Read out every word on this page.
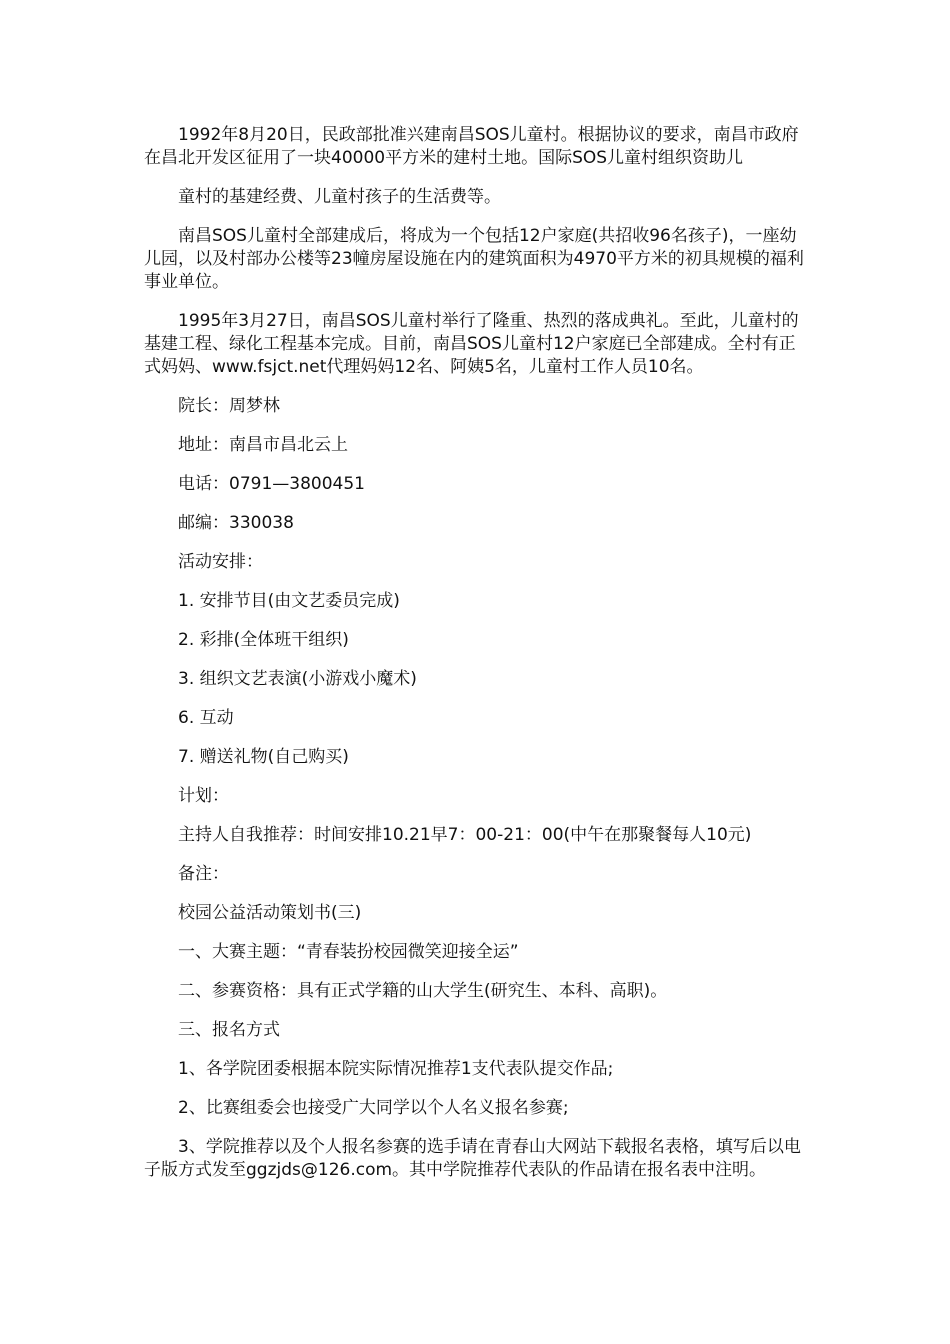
1992年8月20日，民政部批准兴建南昌SOS儿童村。根据协议的要求，南昌市政府在昌北开发区征用了一块40000平方米的建村土地。国际SOS儿童村组织资助儿

童村的基建经费、儿童村孩子的生活费等。

南昌SOS儿童村全部建成后，将成为一个包括12户家庭(共招收96名孩子)，一座幼儿园，以及村部办公楼等23幢房屋设施在内的建筑面积为4970平方米的初具规模的福利事业单位。

1995年3月27日，南昌SOS儿童村举行了隆重、热烈的落成典礼。至此，儿童村的基建工程、绿化工程基本完成。目前，南昌SOS儿童村12户家庭已全部建成。全村有正式妈妈、www.fsjct.net代理妈妈12名、阿姨5名，儿童村工作人员10名。

院长：周梦林

地址：南昌市昌北云上

电话：0791—3800451

邮编：330038

活动安排：

1. 安排节目(由文艺委员完成)

2. 彩排(全体班干组织)

3. 组织文艺表演(小游戏小魔术)

6. 互动

7. 赠送礼物(自己购买)

计划：

主持人自我推荐：时间安排10.21早7：00-21：00(中午在那聚餐每人10元)

备注：

校园公益活动策划书(三)

一、大赛主题：“青春装扮校园微笑迎接全运”

二、参赛资格：具有正式学籍的山大学生(研究生、本科、高职)。

三、报名方式

1、各学院团委根据本院实际情况推荐1支代表队提交作品;

2、比赛组委会也接受广大同学以个人名义报名参赛;

3、学院推荐以及个人报名参赛的选手请在青春山大网站下载报名表格，填写后以电子版方式发至ggzjds@126.com。其中学院推荐代表队的作品请在报名表中注明。
